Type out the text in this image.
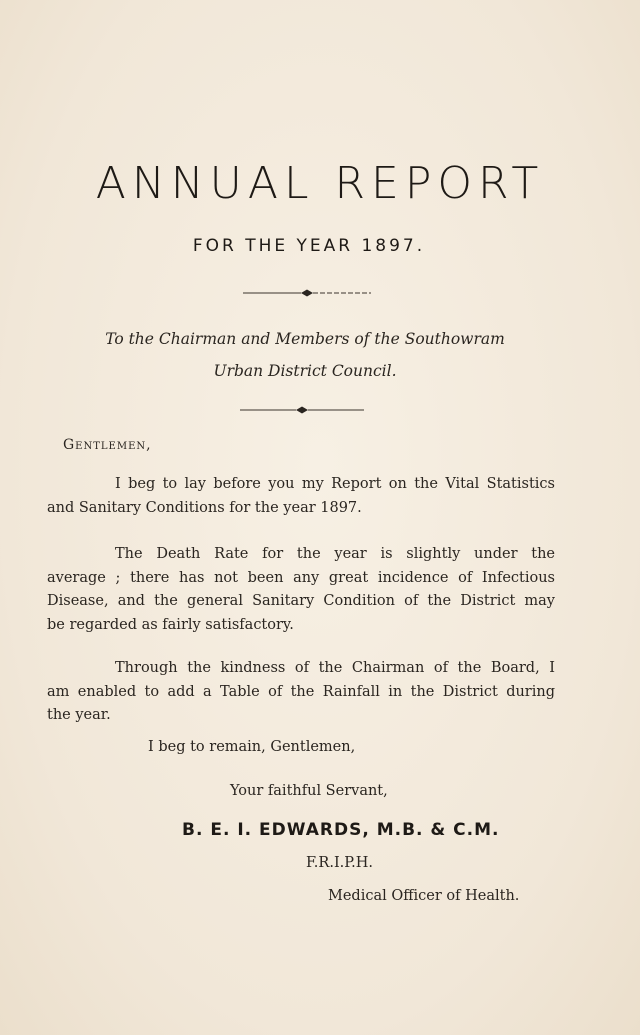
ANNUAL REPORT
FOR THE YEAR 1897.
To the Chairman and Members of the Southowram
Urban District Council.
Gentlemen,
I beg to lay before you my Report on the Vital Statistics
and Sanitary Conditions for the year 1897.
The Death Rate for the year is slightly under the
average ; there has not been any great incidence of Infectious
Disease, and the general Sanitary Condition of the District may
be regarded as fairly satisfactory.
Through the kindness of the Chairman of the Board, I
am enabled to add a Table of the Rainfall in the District during
the year.
I beg to remain, Gentlemen,
Your faithful Servant,
B. E. I. EDWARDS, M.B. & C.M.
F.R.I.P.H.
Medical Officer of Health.
